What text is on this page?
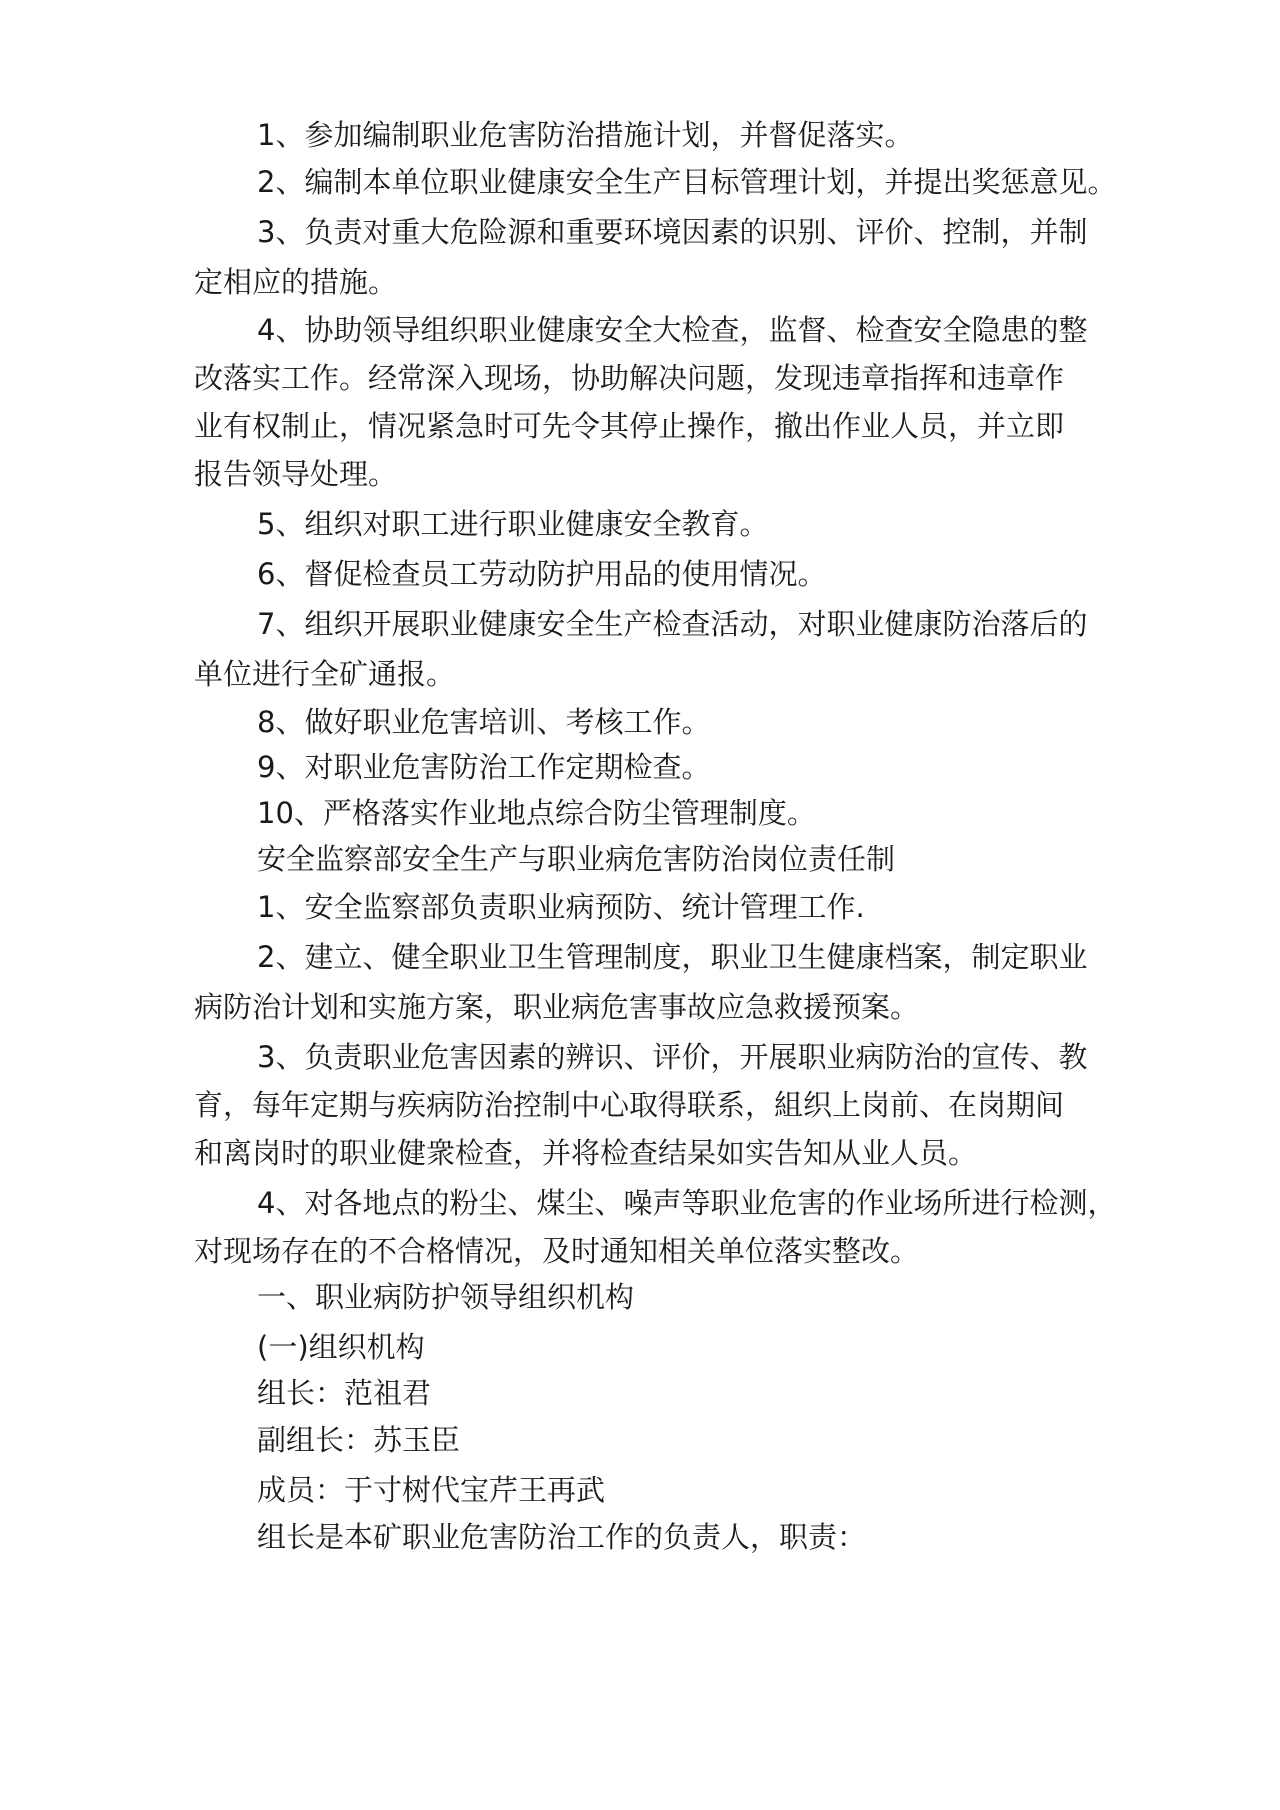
1、参加编制职业危害防治措施计划，并督促落实。

2、编制本单位职业健康安全生产目标管理计划，并提出奖惩意见。

3、负责对重大危险源和重要环境因素的识别、评价、控制，并制

定相应的措施。

4、协助领导组织职业健康安全大检查，监督、检查安全隐患的整

改落实工作。经常深入现场，协助解决问题，发现违章指挥和违章作

业有权制止，情况紧急时可先令其停止操作，撤出作业人员，并立即

报告领导处理。

5、组织对职工进行职业健康安全教育。

6、督促检查员工劳动防护用品的使用情况。

7、组织开展职业健康安全生产检查活动，对职业健康防治落后的

单位进行全矿通报。

8、做好职业危害培训、考核工作。

9、对职业危害防治工作定期检查。

10、严格落实作业地点综合防尘管理制度。

安全监察部安全生产与职业病危害防治岗位责任制

1、安全监察部负责职业病预防、统计管理工作.

2、建立、健全职业卫生管理制度，职业卫生健康档案，制定职业

病防治计划和实施方案，职业病危害事故应急救援预案。

3、负责职业危害因素的辨识、评价，开展职业病防治的宣传、教

育，每年定期与疾病防治控制中心取得联系，組织上岗前、在岗期间

和离岗时的职业健衆检查，并将检查结杲如实告知从业人员。

4、对各地点的粉尘、煤尘、噪声等职业危害的作业场所进行检测，

对现场存在的不合格情况，及时通知相关单位落实整改。

一、职业病防护领导组织机构

(一)组织机构

组长：范祖君

副组长：苏玉臣

成员：于寸树代宝芹王再武

组长是本矿职业危害防治工作的负责人，职责：
